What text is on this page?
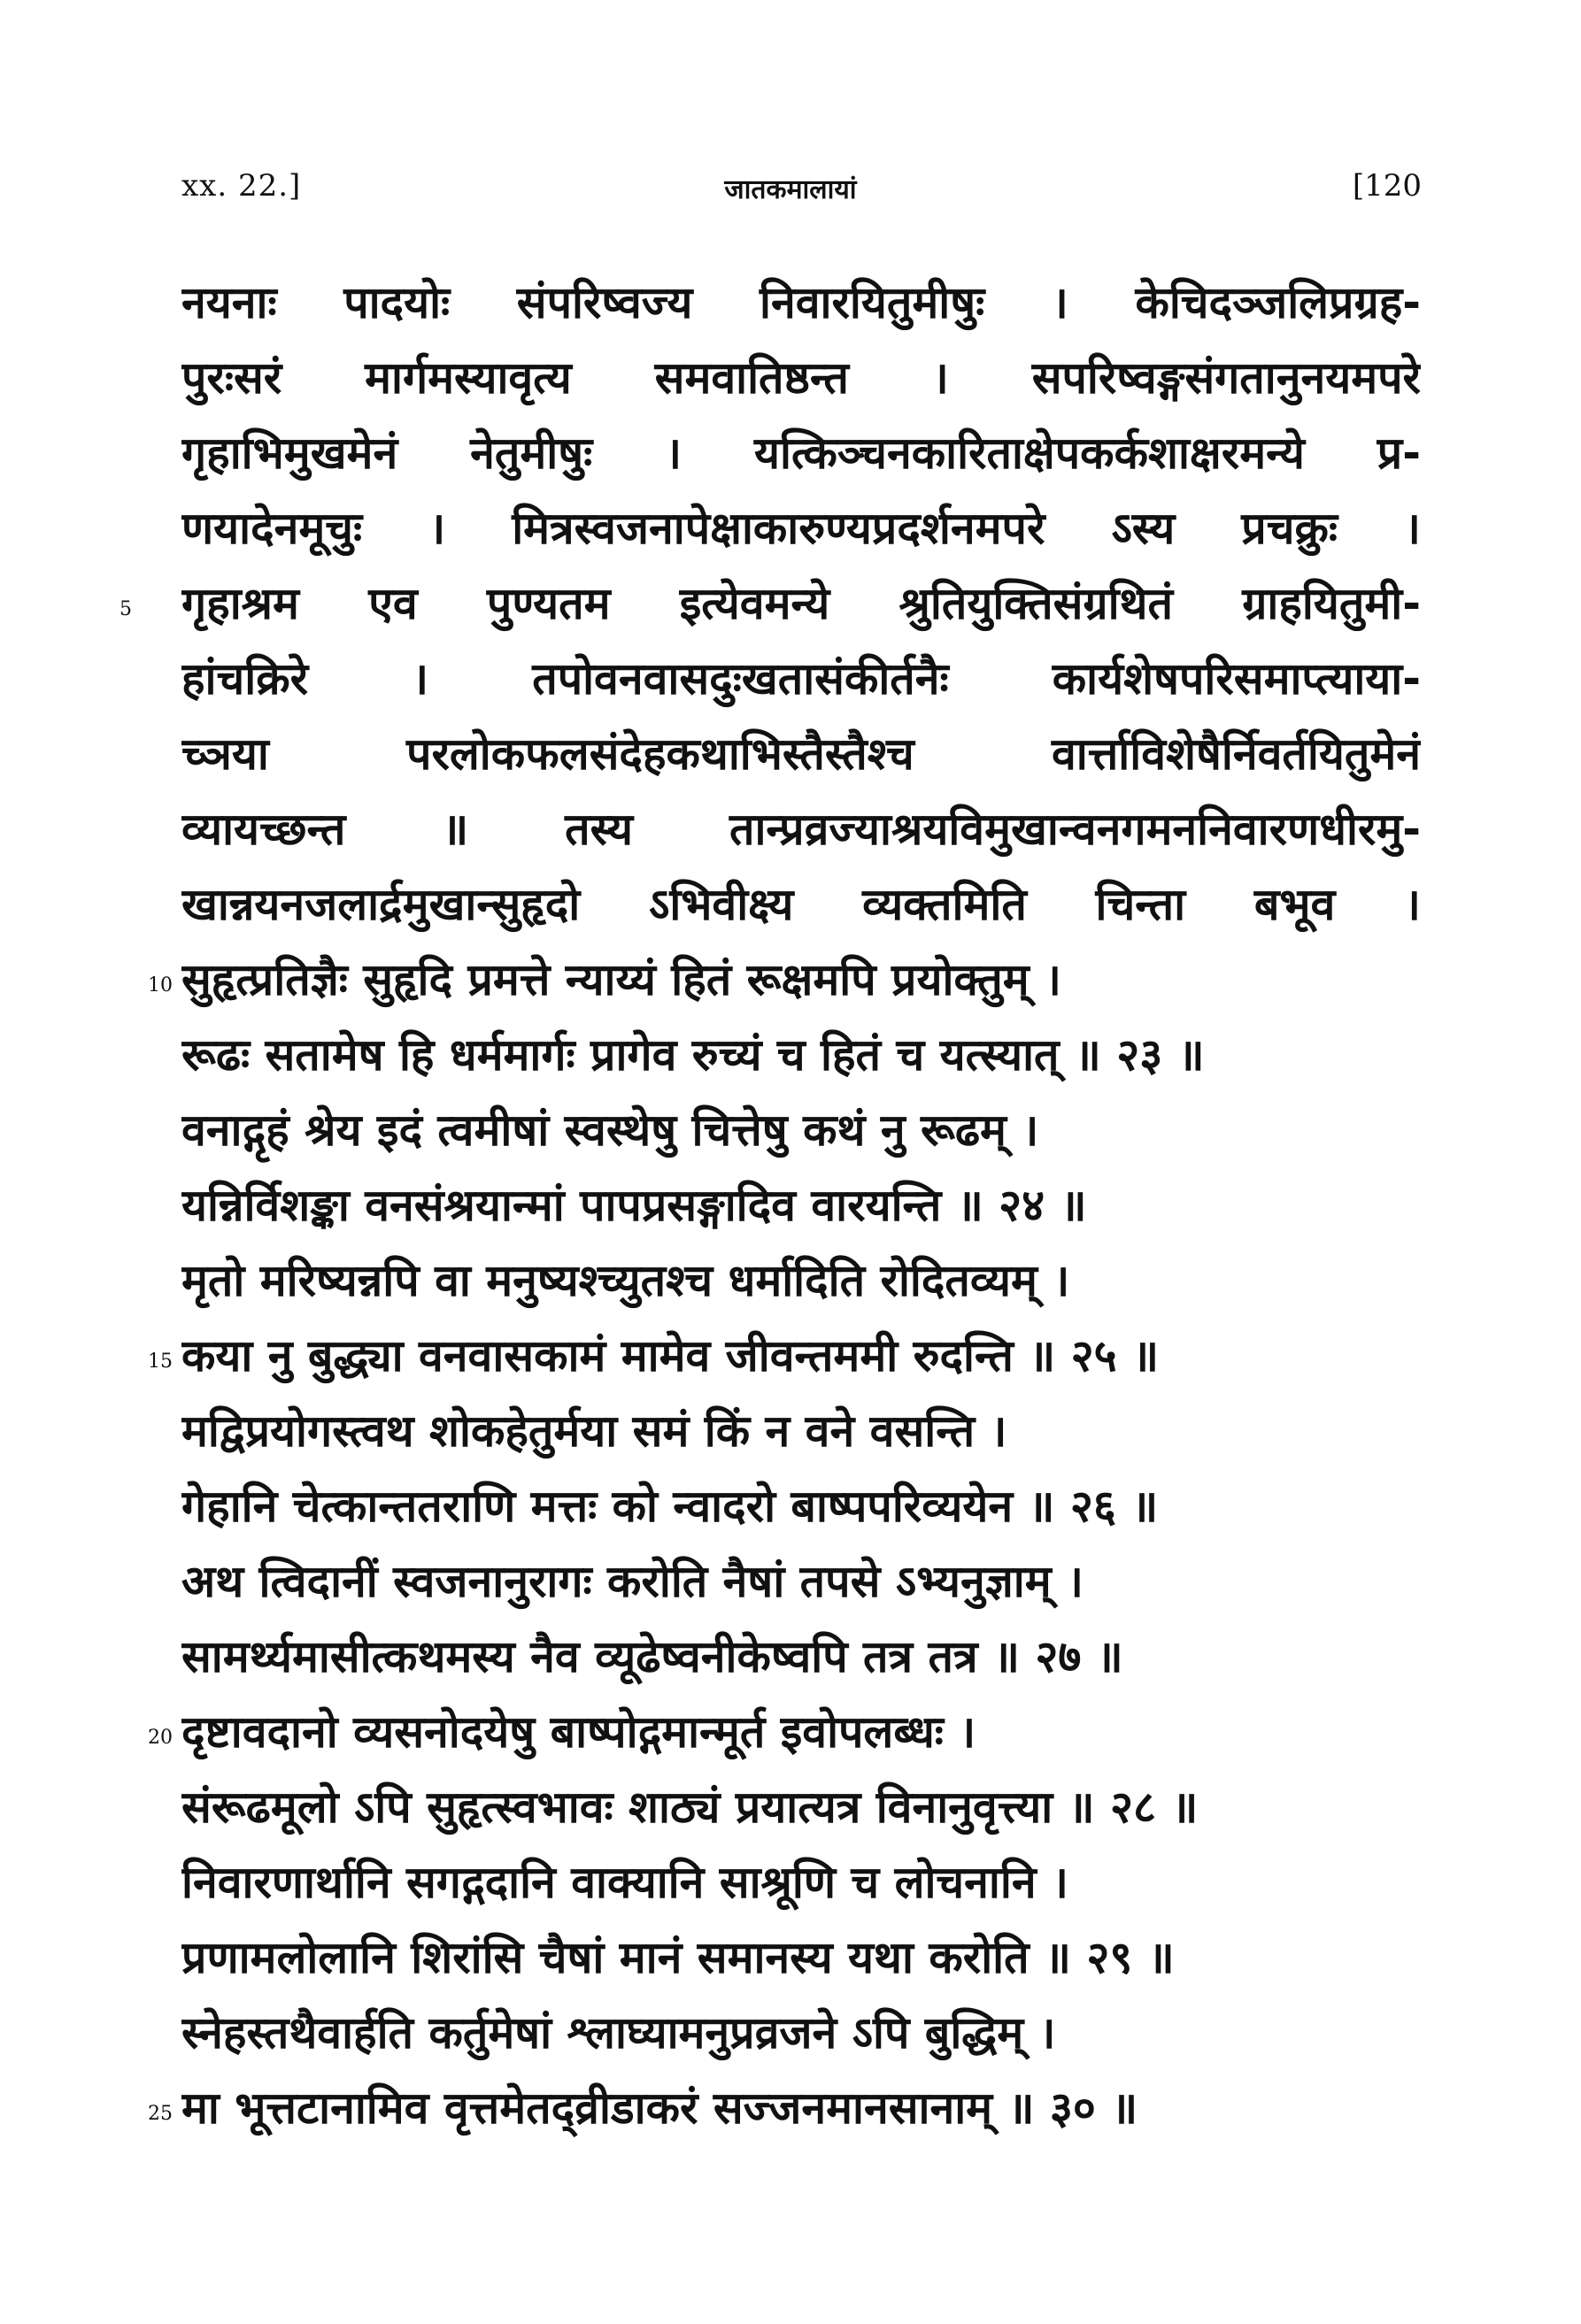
xx. 22.]	जातकमालायां	[120
नयनाः पादयोः संपरिष्वज्य निवारयितुमीषुः । केचिदञ्जलिप्रग्रह-
पुरःसरं मार्गमस्यावृत्य समवातिष्ठन्त । सपरिष्वङ्गसंगतानुनयमपरे
गृहाभिमुखमेनं नेतुमीषुः । यत्किञ्चनकारिताक्षेपकर्कशाक्षरमन्ये प्र-
णयादेनमूचुः । मित्रस्वजनापेक्षाकारुण्यप्रदर्शनमपरे ऽस्य प्रचक्रुः ।
5	गृहाश्रम एव पुण्यतम इत्येवमन्ये श्रुतियुक्तिसंग्रथितं ग्राहयितुमी-
हांचक्रिरे । तपोवनवासदुःखतासंकीर्तनैः कार्यशेषपरिसमाप्त्याया-
च्ञया परलोकफलसंदेहकथाभिस्तैस्तैश्च वार्त्ताविशेषैर्निवर्तयितुमेनं
व्यायच्छन्त ॥ तस्य तान्प्रव्रज्याश्रयविमुखान्वनगमननिवारणधीरमु-
खान्नयनजलार्द्रमुखान्सुहृदो ऽभिवीक्ष्य व्यक्तमिति चिन्ता बभूव ।
10 सुहृत्प्रतिज्ञैः सुहृदि प्रमत्ते न्याय्यं हितं रूक्षमपि प्रयोक्तुम् ।
रूढः सतामेष हि धर्ममार्गः प्रागेव रुच्यं च हितं च यत्स्यात् ॥ २३ ॥
वनाद्गृहं श्रेय इदं त्वमीषां स्वस्थेषु चित्तेषु कथं नु रूढम् ।
यन्निर्विशङ्का वनसंश्रयान्मां पापप्रसङ्गादिव वारयन्ति ॥ २४ ॥
मृतो मरिष्यन्नपि वा मनुष्यश्च्युतश्च धर्मादिति रोदितव्यम् ।
15 कया नु बुद्ध्या वनवासकामं मामेव जीवन्तममी रुदन्ति ॥ २५ ॥
मद्विप्रयोगस्त्वथ शोकहेतुर्मया समं किं न वने वसन्ति ।
गेहानि चेत्कान्ततराणि मत्तः को न्वादरो बाष्पपरिव्ययेन ॥ २६ ॥
अथ त्विदानीं स्वजनानुरागः करोति नैषां तपसे ऽभ्यनुज्ञाम् ।
सामर्थ्यमासीत्कथमस्य नैव व्यूढेष्वनीकेष्वपि तत्र तत्र ॥ २७ ॥
20 दृष्टावदानो व्यसनोदयेषु बाष्पोद्गमान्मूर्त इवोपलब्धः ।
संरूढमूलो ऽपि सुहृत्स्वभावः शाठ्यं प्रयात्यत्र विनानुवृत्त्या ॥ २८ ॥
निवारणार्थानि सगद्गदानि वाक्यानि साश्रूणि च लोचनानि ।
प्रणामलोलानि शिरांसि चैषां मानं समानस्य यथा करोति ॥ २९ ॥
स्नेहस्तथैवार्हति कर्तुमेषां श्लाघ्यामनुप्रव्रजने ऽपि बुद्धिम् ।
25 मा भूत्तटानामिव वृत्तमेतद्व्रीडाकरं सज्जनमानसानाम् ॥ ३० ॥
